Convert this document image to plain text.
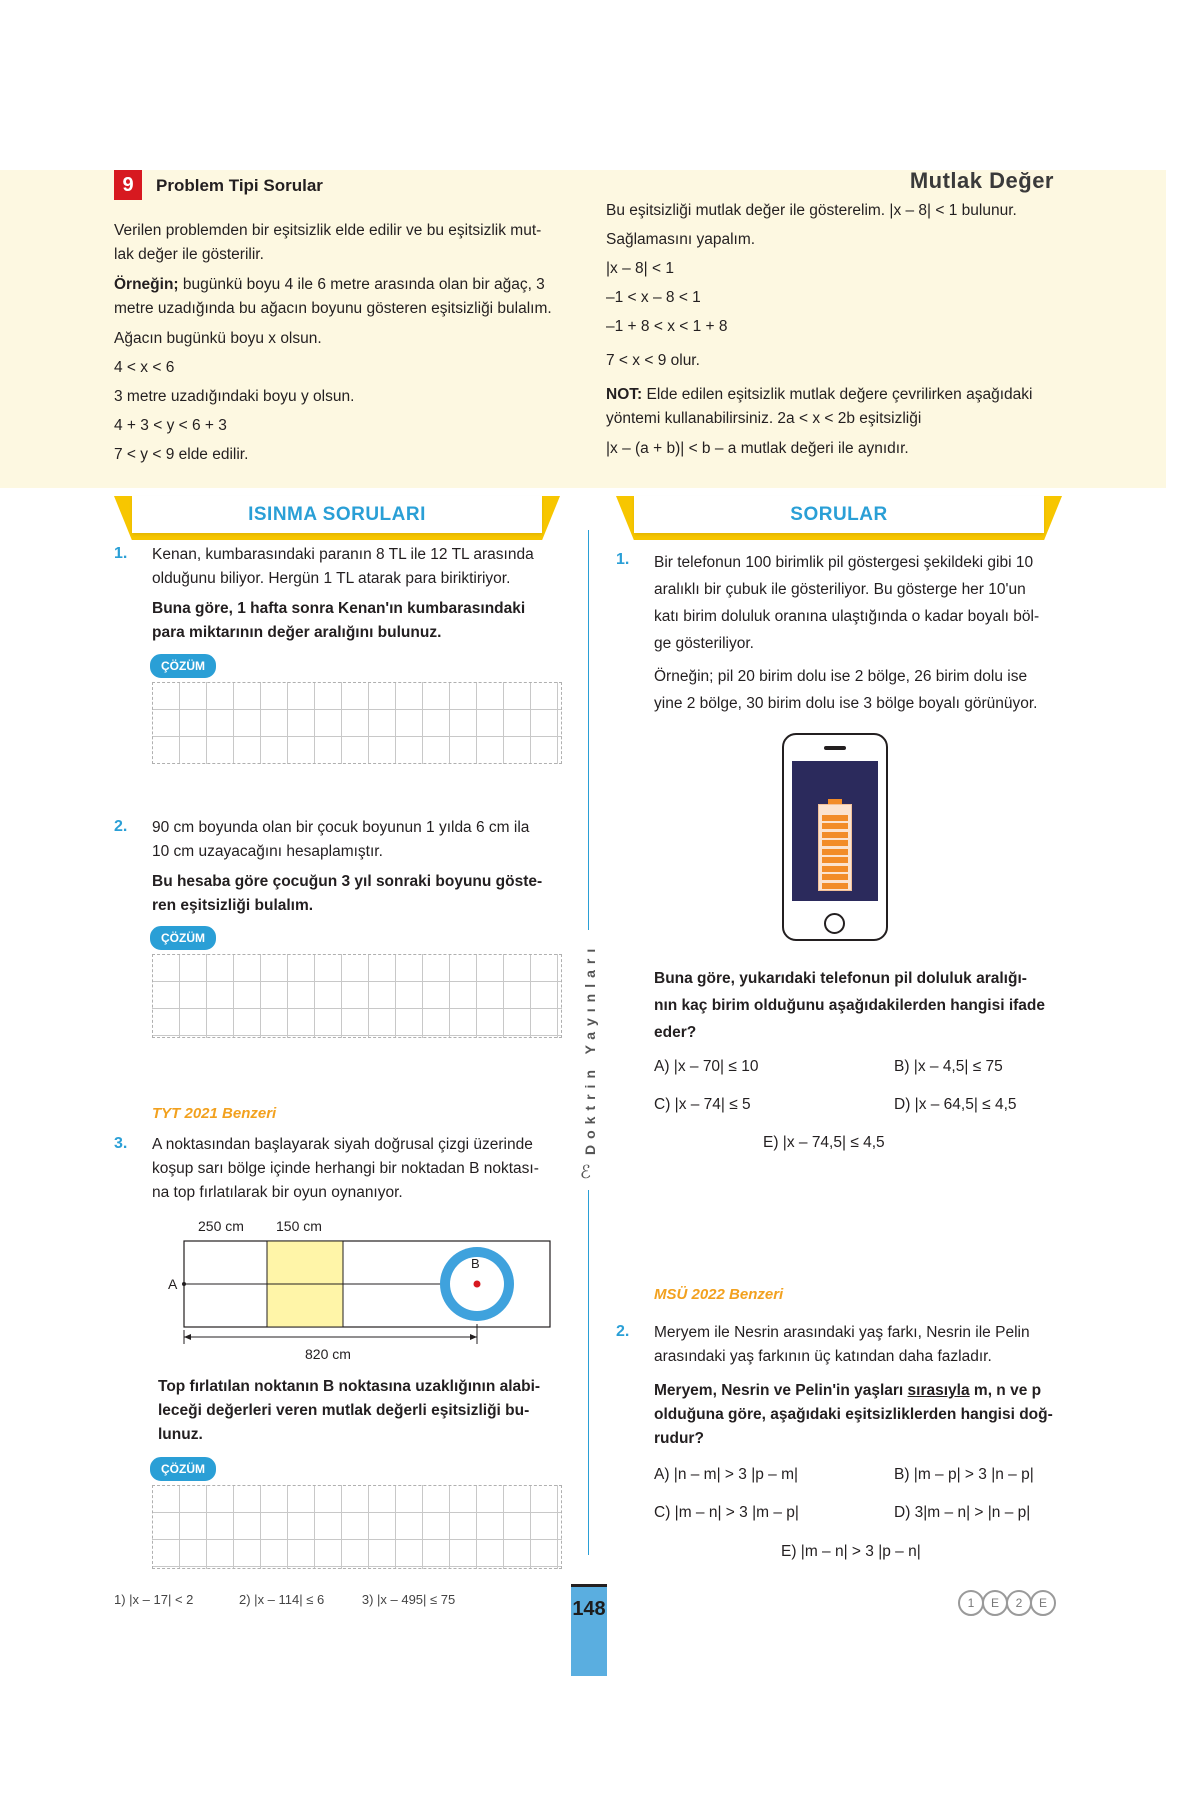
9	Problem Tipi Sorular	Mutlak Değer
Verilen problemden bir eşitsizlik elde edilir ve bu eşitsizlik mut-
lak değer ile gösterilir.
Örneğin; bugünkü boyu 4 ile 6 metre arasında olan bir ağaç, 3
metre uzadığında bu ağacın boyunu gösteren eşitsizliği bulalım.
Ağacın bugünkü boyu x olsun.
4 < x < 6
3 metre uzadığındaki boyu y olsun.
4 + 3 < y < 6 + 3
7 < y < 9 elde edilir.
Bu eşitsizliği mutlak değer ile gösterelim. |x – 8| < 1 bulunur.
Sağlamasını yapalım.
|x – 8| < 1
–1 < x – 8 < 1
–1 + 8 < x < 1 + 8
7 < x < 9 olur.
NOT: Elde edilen eşitsizlik mutlak değere çevrilirken aşağıdaki
yöntemi kullanabilirsiniz. 2a < x < 2b eşitsizliği
|x – (a + b)| < b – a mutlak değeri ile aynıdır.
ISINMA SORULARI	SORULAR
Doktrin Yayınları
ℰ
1. Kenan, kumbarasındaki paranın 8 TL ile 12 TL arasında
olduğunu biliyor. Hergün 1 TL atarak para biriktiriyor.
Buna göre, 1 hafta sonra Kenan'ın kumbarasındaki
para miktarının değer aralığını bulunuz.
ÇÖZÜM
2. 90 cm boyunda olan bir çocuk boyunun 1 yılda 6 cm ila
10 cm uzayacağını hesaplamıştır.
Bu hesaba göre çocuğun 3 yıl sonraki boyunu göste-
ren eşitsizliği bulalım.
ÇÖZÜM
TYT 2021 Benzeri
3. A noktasından başlayarak siyah doğrusal çizgi üzerinde
koşup sarı bölge içinde herhangi bir noktadan B noktası-
na top fırlatılarak bir oyun oynanıyor.
250 cm 150 cm
A
B
820 cm
Top fırlatılan noktanın B noktasına uzaklığının alabi-
leceği değerleri veren mutlak değerli eşitsizliği bu-
lunuz.
ÇÖZÜM
1. Bir telefonun 100 birimlik pil göstergesi şekildeki gibi 10
aralıklı bir çubuk ile gösteriliyor. Bu gösterge her 10'un
katı birim doluluk oranına ulaştığında o kadar boyalı böl-
ge gösteriliyor.
Örneğin; pil 20 birim dolu ise 2 bölge, 26 birim dolu ise
yine 2 bölge, 30 birim dolu ise 3 bölge boyalı görünüyor.
Buna göre, yukarıdaki telefonun pil doluluk aralığı-
nın kaç birim olduğunu aşağıdakilerden hangisi ifade
eder?
A) |x – 70| ≤ 10	B) |x – 4,5| ≤ 75
C) |x – 74| ≤ 5	D) |x – 64,5| ≤ 4,5
E) |x – 74,5| ≤ 4,5
MSÜ 2022 Benzeri
2. Meryem ile Nesrin arasındaki yaş farkı, Nesrin ile Pelin
arasındaki yaş farkının üç katından daha fazladır.
Meryem, Nesrin ve Pelin'in yaşları sırasıyla m, n ve p
olduğuna göre, aşağıdaki eşitsizliklerden hangisi doğ-
rudur?
A) |n – m| > 3 |p – m|	B) |m – p| > 3 |n – p|
C) |m – n| > 3 |m – p|	D) 3|m – n| > |n – p|
E) |m – n| > 3 |p – n|
1) |x – 17| < 2	2) |x – 114| ≤ 6	3) |x – 495| ≤ 75	148	1 E 2 E
